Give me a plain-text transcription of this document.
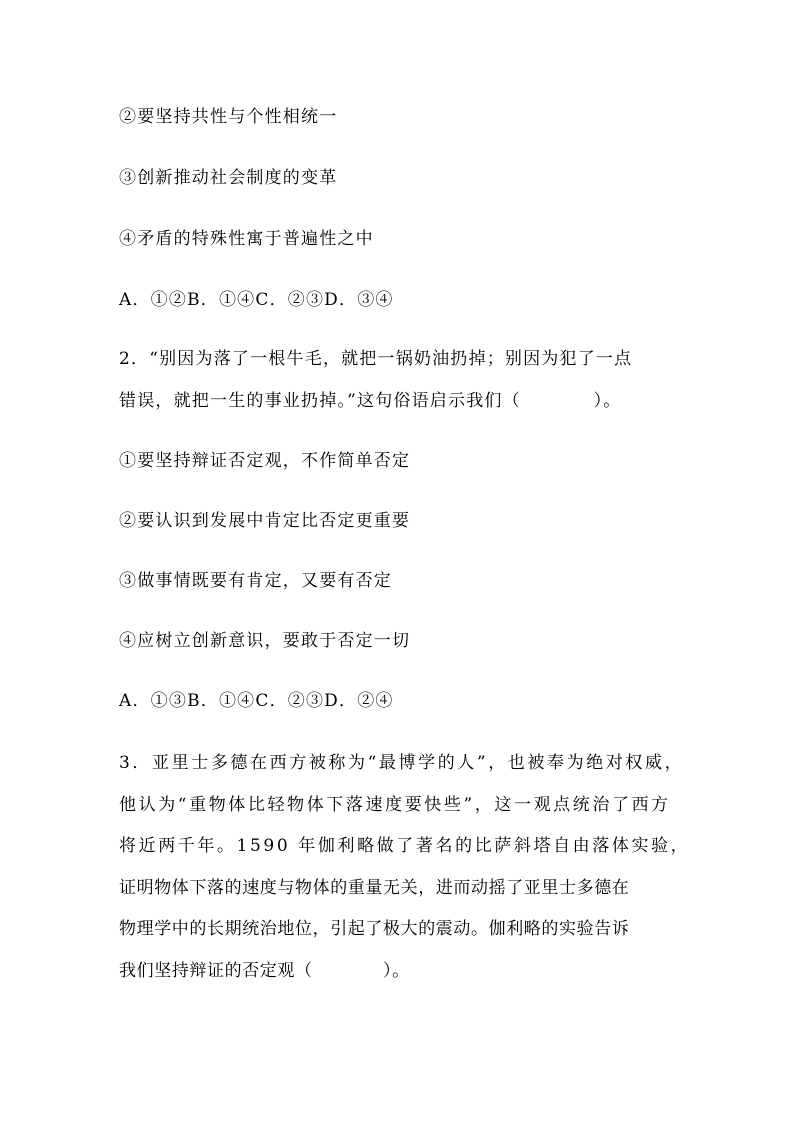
②要坚持共性与个性相统一
③创新推动社会制度的变革
④矛盾的特殊性寓于普遍性之中
A．①②B．①④C．②③D．③④
2．“别因为落了一根牛毛，就把一锅奶油扔掉；别因为犯了一点
错误，就把一生的事业扔掉。”这句俗语启示我们（　　　　）。
①要坚持辩证否定观，不作简单否定
②要认识到发展中肯定比否定更重要
③做事情既要有肯定，又要有否定
④应树立创新意识，要敢于否定一切
A．①③B．①④C．②③D．②④
3．亚里士多德在西方被称为“最博学的人”，也被奉为绝对权威，
他认为“重物体比轻物体下落速度要快些”，这一观点统治了西方
将近两千年。1590 年伽利略做了著名的比萨斜塔自由落体实验，
证明物体下落的速度与物体的重量无关，进而动摇了亚里士多德在
物理学中的长期统治地位，引起了极大的震动。伽利略的实验告诉
我们坚持辩证的否定观（　　　　）。
